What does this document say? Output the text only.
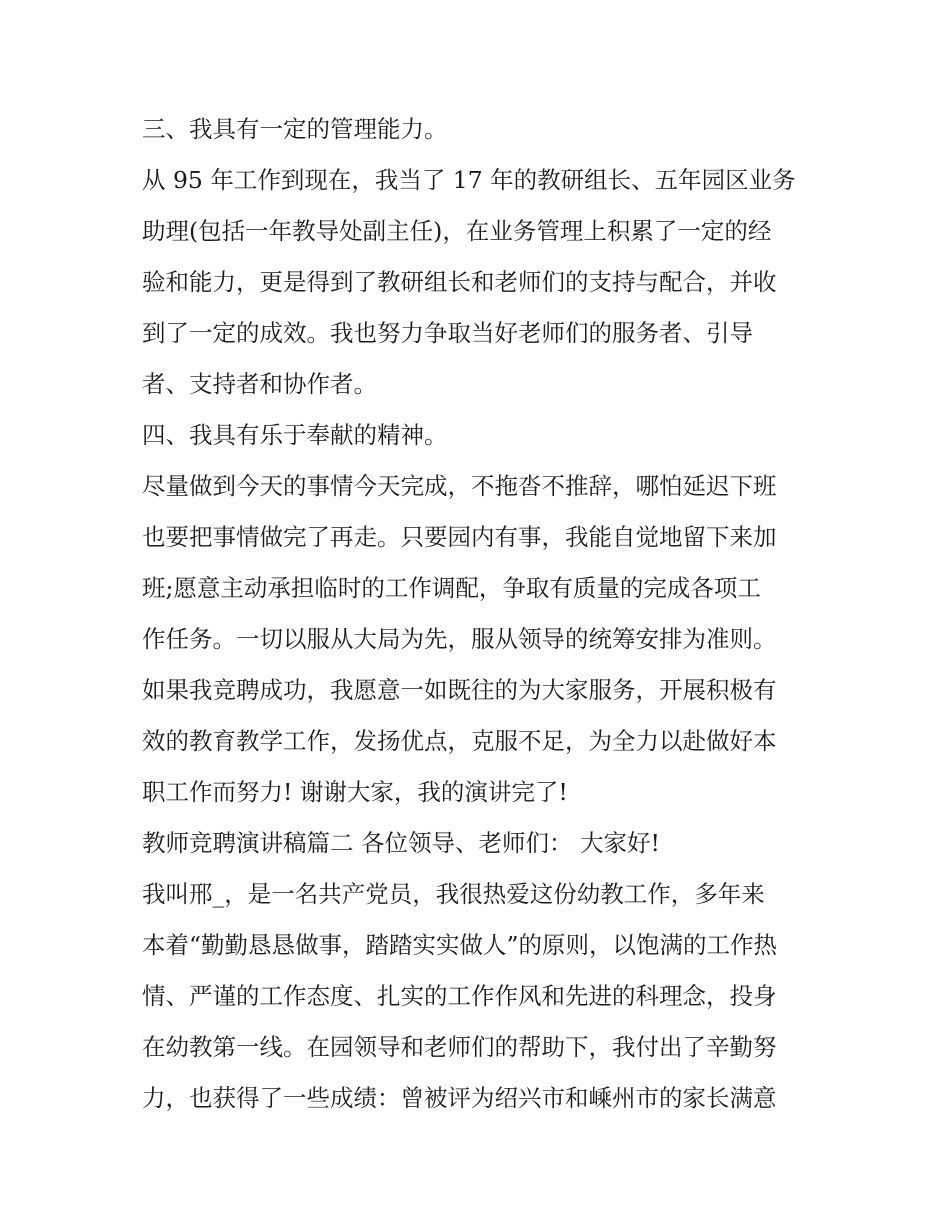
三、我具有一定的管理能力。
从 95 年工作到现在，我当了 17 年的教研组长、五年园区业务
助理(包括一年教导处副主任)，在业务管理上积累了一定的经
验和能力，更是得到了教研组长和老师们的支持与配合，并收
到了一定的成效。我也努力争取当好老师们的服务者、引导
者、支持者和协作者。
四、我具有乐于奉献的精神。
尽量做到今天的事情今天完成，不拖沓不推辞，哪怕延迟下班
也要把事情做完了再走。只要园内有事，我能自觉地留下来加
班;愿意主动承担临时的工作调配，争取有质量的完成各项工
作任务。一切以服从大局为先，服从领导的统筹安排为准则。
如果我竞聘成功，我愿意一如既往的为大家服务，开展积极有
效的教育教学工作，发扬优点，克服不足，为全力以赴做好本
职工作而努力! 谢谢大家，我的演讲完了!
教师竞聘演讲稿篇二 各位领导、老师们： 大家好!
我叫邢_，是一名共产党员，我很热爱这份幼教工作，多年来
本着“勤勤恳恳做事，踏踏实实做人”的原则，以饱满的工作热
情、严谨的工作态度、扎实的工作作风和先进的科理念，投身
在幼教第一线。在园领导和老师们的帮助下，我付出了辛勤努
力，也获得了一些成绩：曾被评为绍兴市和嵊州市的家长满意
